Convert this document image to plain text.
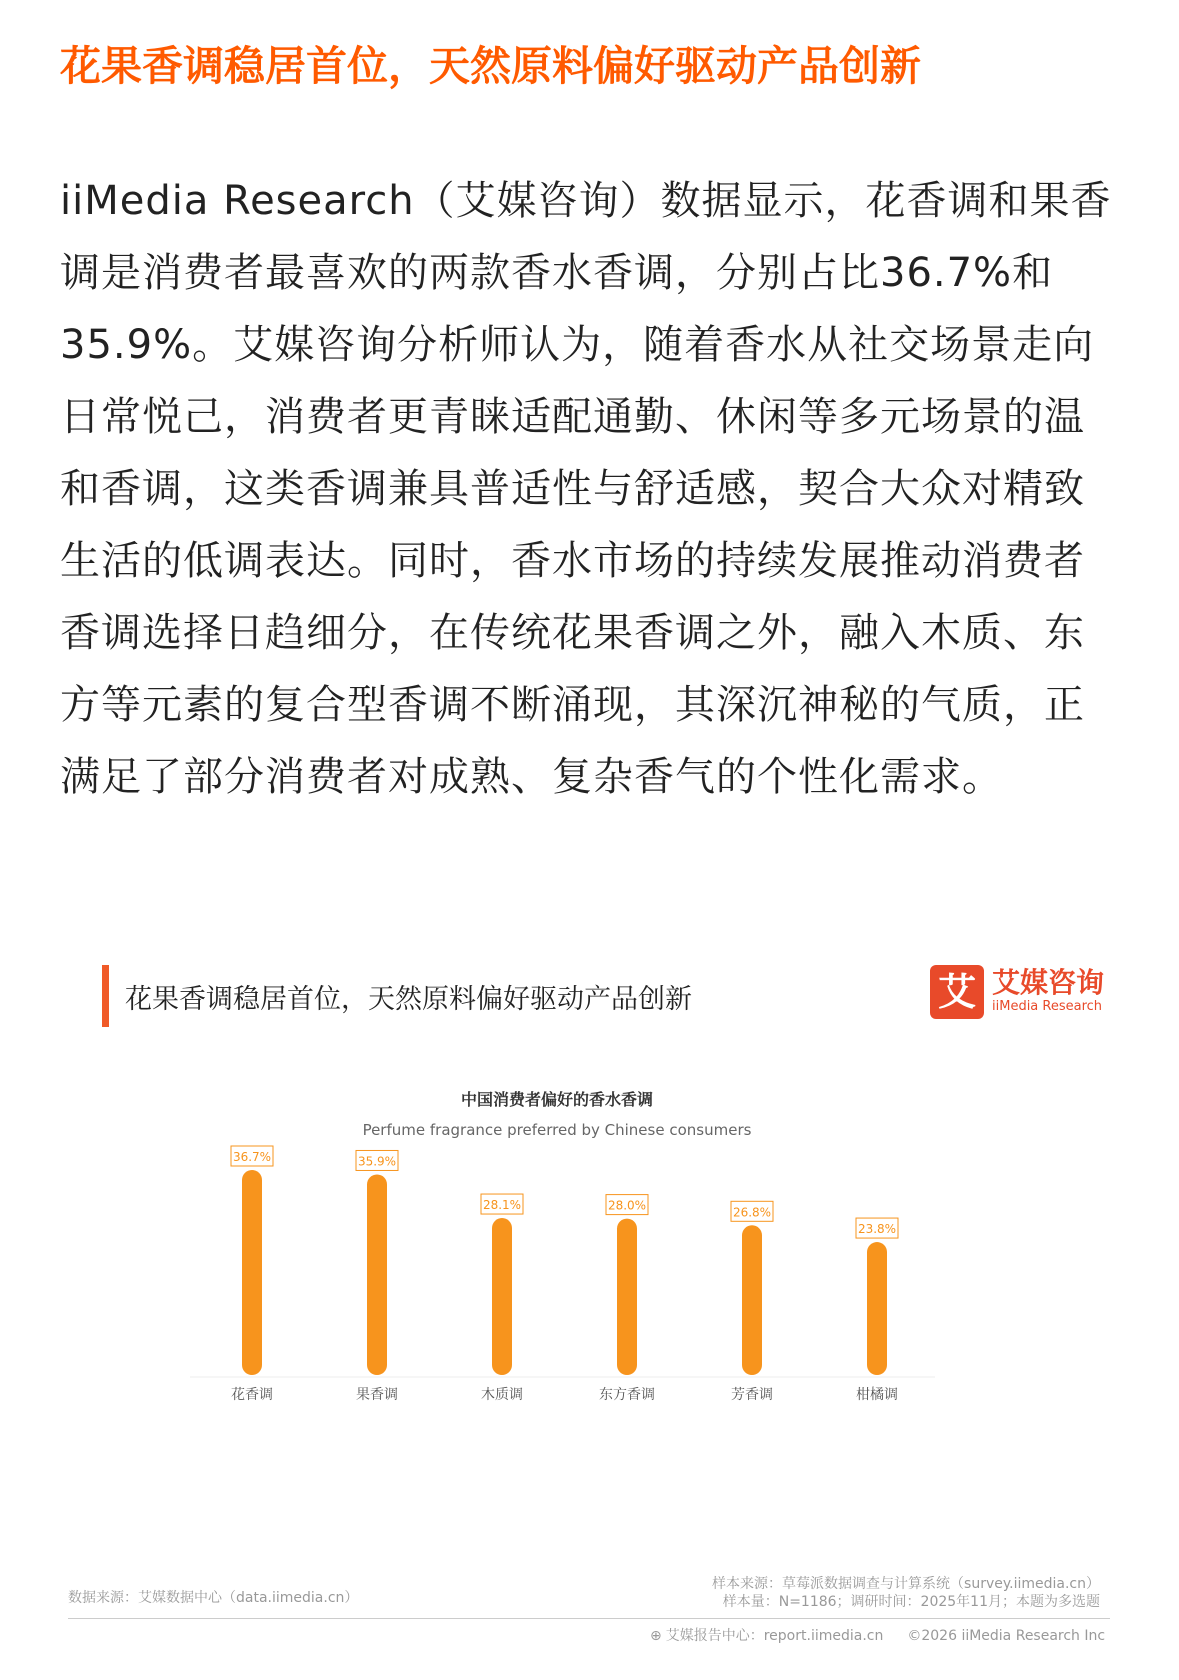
花果香调稳居首位，天然原料偏好驱动产品创新

iiMedia Research（艾媒咨询）数据显示，花香调和果香调是消费者最喜欢的两款香水香调，分别占比36.7%和35.9%。艾媒咨询分析师认为，随着香水从社交场景走向日常悦己，消费者更青睐适配通勤、休闲等多元场景的温和香调，这类香调兼具普适性与舒适感，契合大众对精致生活的低调表达。同时，香水市场的持续发展推动消费者香调选择日趋细分，在传统花果香调之外，融入木质、东方等元素的复合型香调不断涌现，其深沉神秘的气质，正满足了部分消费者对成熟、复杂香气的个性化需求。

花果香调稳居首位，天然原料偏好驱动产品创新	艾 艾媒咨询
iiMedia Research
中国消费者偏好的香水香调
Perfume fragrance preferred by Chinese consumers
36.7%
花香调
35.9%
果香调
28.1%
木质调
28.0%
东方香调
26.8%
芳香调
23.8%
柑橘调
数据来源：艾媒数据中心（data.iimedia.cn）
样本来源：草莓派数据调查与计算系统（survey.iimedia.cn）
样本量：N=1186；调研时间：2025年11月；本题为多选题
⊕ 艾媒报告中心：report.iimedia.cn ©2026 iiMedia Research Inc
